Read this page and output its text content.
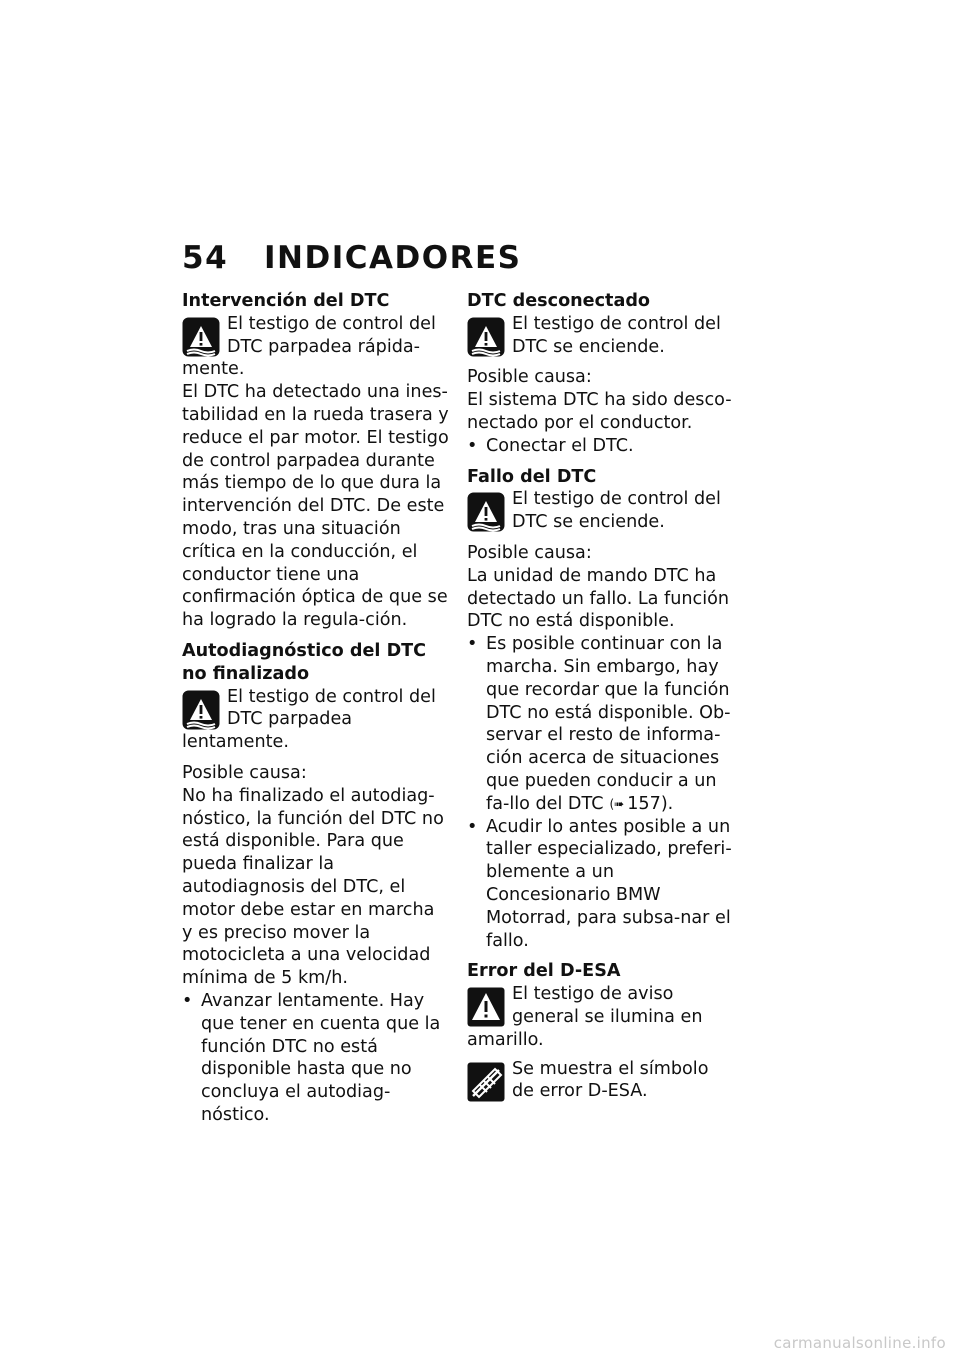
54 INDICADORES
Intervención del DTC

El testigo de control del DTC parpadea rápida-mente.

El DTC ha detectado una ines-tabilidad en la rueda trasera y reduce el par motor. El testigo de control parpadea durante más tiempo de lo que dura la intervención del DTC. De este modo, tras una situación crítica en la conducción, el conductor tiene una confirmación óptica de que se ha logrado la regula-ción.

Autodiagnóstico del DTC no finalizado

El testigo de control del DTC parpadea lentamente.

Posible causa:

No ha finalizado el autodiag-nóstico, la función del DTC no está disponible. Para que pueda finalizar la autodiagnosis del DTC, el motor debe estar en marcha y es preciso mover la motocicleta a una velocidad mínima de 5 km/h.

• Avanzar lentamente. Hay que tener en cuenta que la función DTC no está disponible hasta que no concluya el autodiag-nóstico.
DTC desconectado

El testigo de control del DTC se enciende.

Posible causa:

El sistema DTC ha sido desco-nectado por el conductor.

• Conectar el DTC.
Fallo del DTC

El testigo de control del DTC se enciende.

Posible causa:

La unidad de mando DTC ha detectado un fallo. La función DTC no está disponible.

• Es posible continuar con la marcha. Sin embargo, hay que recordar que la función DTC no está disponible. Ob-servar el resto de informa-ción acerca de situaciones que pueden conducir a un fa-llo del DTC (➠ 157).
• Acudir lo antes posible a un taller especializado, preferi-blemente a un Concesionario BMW Motorrad, para subsa-nar el fallo.
Error del D-ESA

El testigo de aviso general se ilumina en amarillo.

Se muestra el símbolo de error D-ESA.

carmanualsonline.info
